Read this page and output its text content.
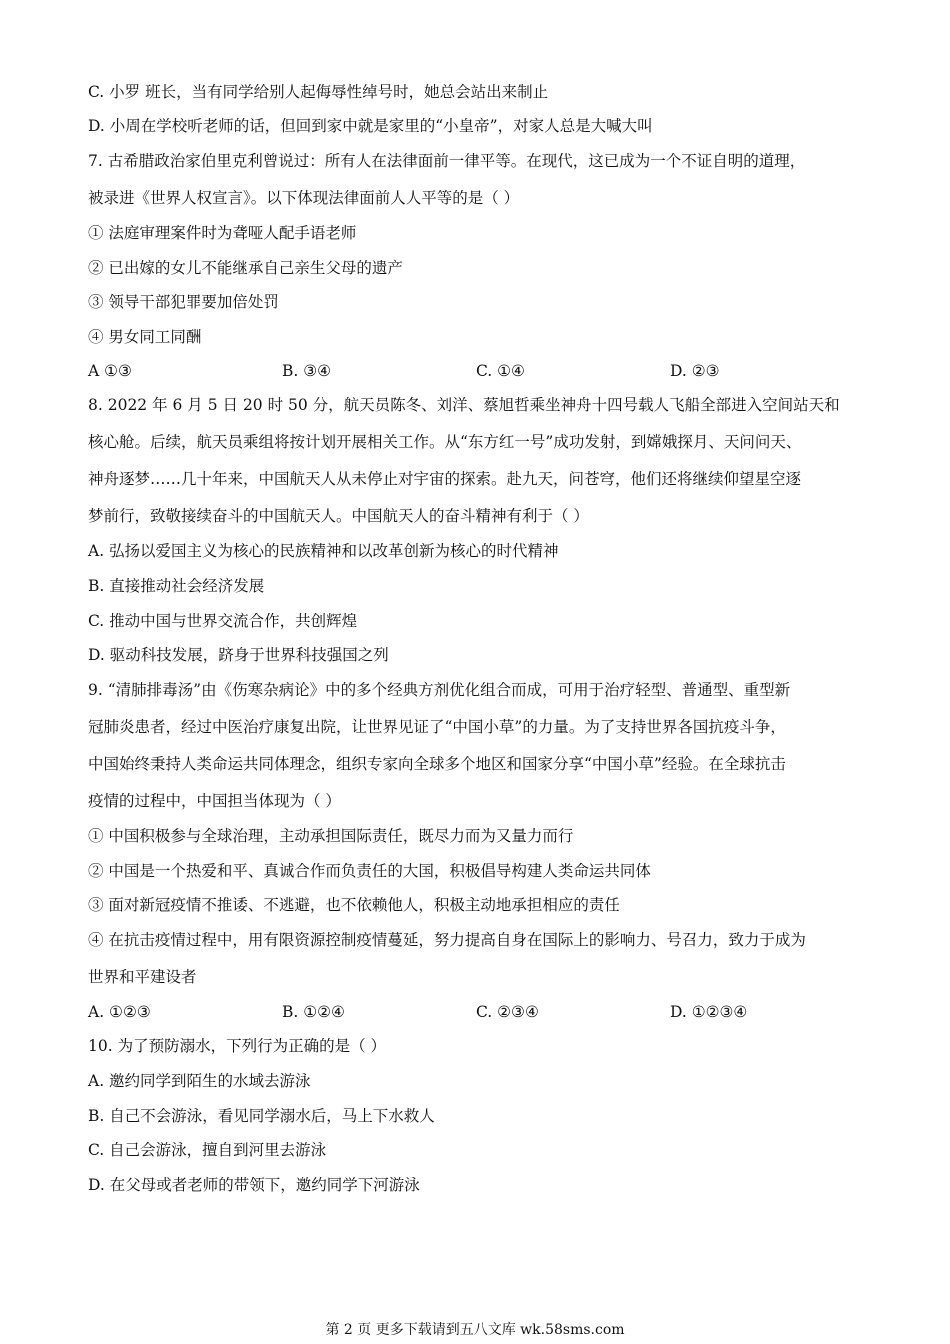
C. 小罗 班长，当有同学给别人起侮辱性绰号时，她总会站出来制止
D. 小周在学校听老师的话，但回到家中就是家里的“小皇帝”，对家人总是大喊大叫
7. 古希腊政治家伯里克利曾说过：所有人在法律面前一律平等。在现代，这已成为一个不证自明的道理，
被录进《世界人权宣言》。以下体现法律面前人人平等的是（ ）
① 法庭审理案件时为聋哑人配手语老师
② 已出嫁的女儿不能继承自己亲生父母的遗产
③ 领导干部犯罪要加倍处罚
④ 男女同工同酬
A ①③	B. ③④	C. ①④	D. ②③
8. 2022 年 6 月 5 日 20 时 50 分，航天员陈冬、刘洋、蔡旭哲乘坐神舟十四号载人飞船全部进入空间站天和
核心舱。后续，航天员乘组将按计划开展相关工作。从“东方红一号”成功发射，到嫦娥探月、天问问天、
神舟逐梦……几十年来，中国航天人从未停止对宇宙的探索。赴九天，问苍穹，他们还将继续仰望星空逐
梦前行，致敬接续奋斗的中国航天人。中国航天人的奋斗精神有利于（ ）
A. 弘扬以爱国主义为核心的民族精神和以改革创新为核心的时代精神
B. 直接推动社会经济发展
C. 推动中国与世界交流合作，共创辉煌
D. 驱动科技发展，跻身于世界科技强国之列
9. “清肺排毒汤”由《伤寒杂病论》中的多个经典方剂优化组合而成，可用于治疗轻型、普通型、重型新
冠肺炎患者，经过中医治疗康复出院，让世界见证了“中国小草”的力量。为了支持世界各国抗疫斗争，
中国始终秉持人类命运共同体理念，组织专家向全球多个地区和国家分享“中国小草”经验。在全球抗击
疫情的过程中，中国担当体现为（ ）
① 中国积极参与全球治理，主动承担国际责任，既尽力而为又量力而行
② 中国是一个热爱和平、真诚合作而负责任的大国，积极倡导构建人类命运共同体
③ 面对新冠疫情不推诿、不逃避，也不依赖他人，积极主动地承担相应的责任
④ 在抗击疫情过程中，用有限资源控制疫情蔓延，努力提高自身在国际上的影响力、号召力，致力于成为
世界和平建设者
A. ①②③	B. ①②④	C. ②③④	D. ①②③④
10. 为了预防溺水，下列行为正确的是（ ）
A. 邀约同学到陌生的水域去游泳
B. 自己不会游泳，看见同学溺水后，马上下水救人
C. 自己会游泳，擅自到河里去游泳
D. 在父母或者老师的带领下，邀约同学下河游泳
第 2 页 更多下载请到五八文库 wk.58sms.com
